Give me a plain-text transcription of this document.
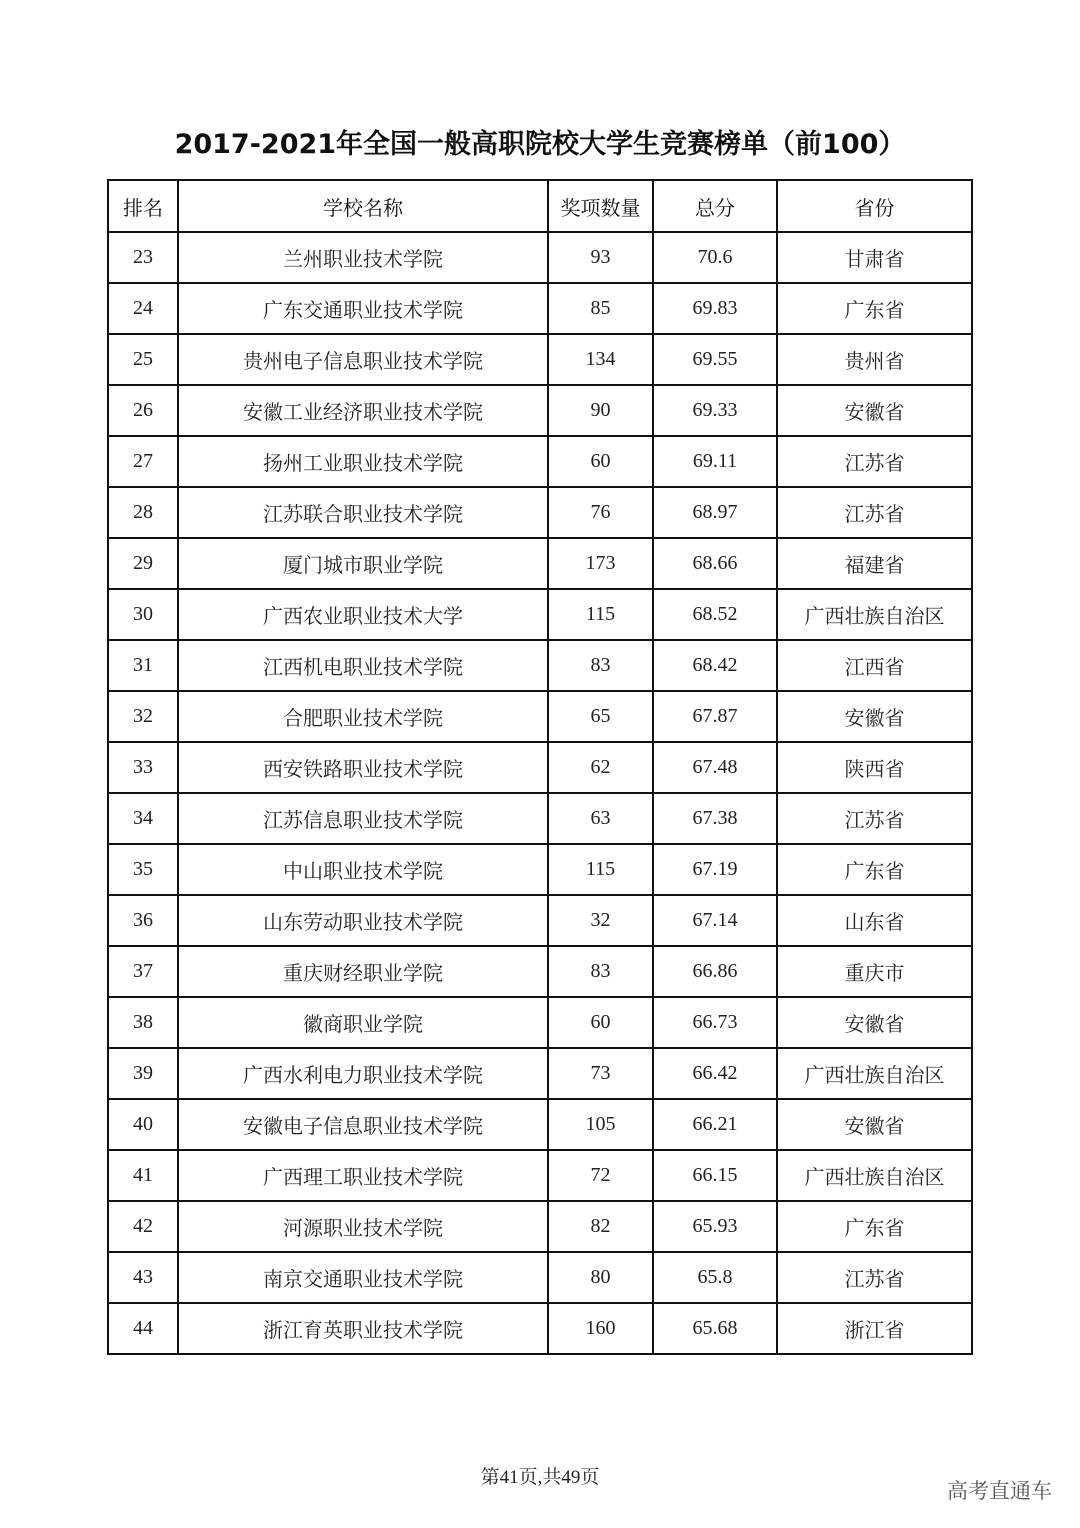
2017-2021年全国一般高职院校大学生竞赛榜单（前100）
排名	学校名称	奖项数量	总分	省份
23	兰州职业技术学院	93	70.6	甘肃省
24	广东交通职业技术学院	85	69.83	广东省
25	贵州电子信息职业技术学院	134	69.55	贵州省
26	安徽工业经济职业技术学院	90	69.33	安徽省
27	扬州工业职业技术学院	60	69.11	江苏省
28	江苏联合职业技术学院	76	68.97	江苏省
29	厦门城市职业学院	173	68.66	福建省
30	广西农业职业技术大学	115	68.52	广西壮族自治区
31	江西机电职业技术学院	83	68.42	江西省
32	合肥职业技术学院	65	67.87	安徽省
33	西安铁路职业技术学院	62	67.48	陕西省
34	江苏信息职业技术学院	63	67.38	江苏省
35	中山职业技术学院	115	67.19	广东省
36	山东劳动职业技术学院	32	67.14	山东省
37	重庆财经职业学院	83	66.86	重庆市
38	徽商职业学院	60	66.73	安徽省
39	广西水利电力职业技术学院	73	66.42	广西壮族自治区
40	安徽电子信息职业技术学院	105	66.21	安徽省
41	广西理工职业技术学院	72	66.15	广西壮族自治区
42	河源职业技术学院	82	65.93	广东省
43	南京交通职业技术学院	80	65.8	江苏省
44	浙江育英职业技术学院	160	65.68	浙江省
第41页,共49页
高考直通车
